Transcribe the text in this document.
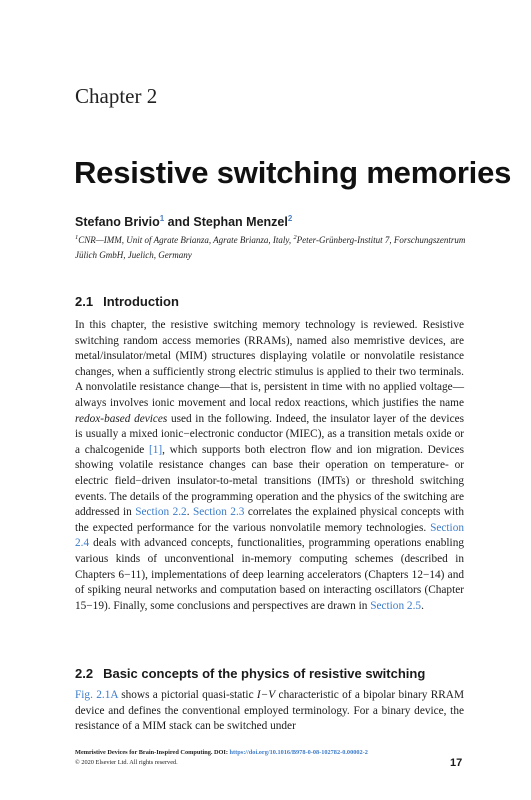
Chapter 2
Resistive switching memories
Stefano Brivio$^1$ and Stephan Menzel$^2$
$^1$CNR—IMM, Unit of Agrate Brianza, Agrate Brianza, Italy, $^2$Peter-Grünberg-Institut 7, Forschungszentrum Jülich GmbH, Juelich, Germany
2.1 Introduction
In this chapter, the resistive switching memory technology is reviewed. Resistive switching random access memories (RRAMs), named also memristive devices, are metal/insulator/metal (MIM) structures displaying volatile or nonvolatile resistance changes, when a sufficiently strong electric stimulus is applied to their two terminals. A nonvolatile resistance change—that is, persistent in time with no applied voltage—always involves ionic movement and local redox reactions, which justifies the name redox-based devices used in the following. Indeed, the insulator layer of the devices is usually a mixed ionic−electronic conductor (MIEC), as a transition metals oxide or a chalcogenide [1], which supports both electron flow and ion migration. Devices showing volatile resistance changes can base their operation on temperature- or electric field−driven insulator-to-metal transitions (IMTs) or threshold switching events. The details of the programming operation and the physics of the switching are addressed in Section 2.2. Section 2.3 correlates the explained physical concepts with the expected performance for the various nonvolatile memory technologies. Section 2.4 deals with advanced concepts, functionalities, programming operations enabling various kinds of unconventional in-memory computing schemes (described in Chapters 6−11), implementations of deep learning accelerators (Chapters 12−14) and of spiking neural networks and computation based on interacting oscillators (Chapter 15−19). Finally, some conclusions and perspectives are drawn in Section 2.5.
2.2 Basic concepts of the physics of resistive switching
Fig. 2.1A shows a pictorial quasi-static I−V characteristic of a bipolar binary RRAM device and defines the conventional employed terminology. For a binary device, the resistance of a MIM stack can be switched under
Memristive Devices for Brain-Inspired Computing. DOI: https://doi.org/10.1016/B978-0-08-102782-0.00002-2
© 2020 Elsevier Ltd. All rights reserved.	17
